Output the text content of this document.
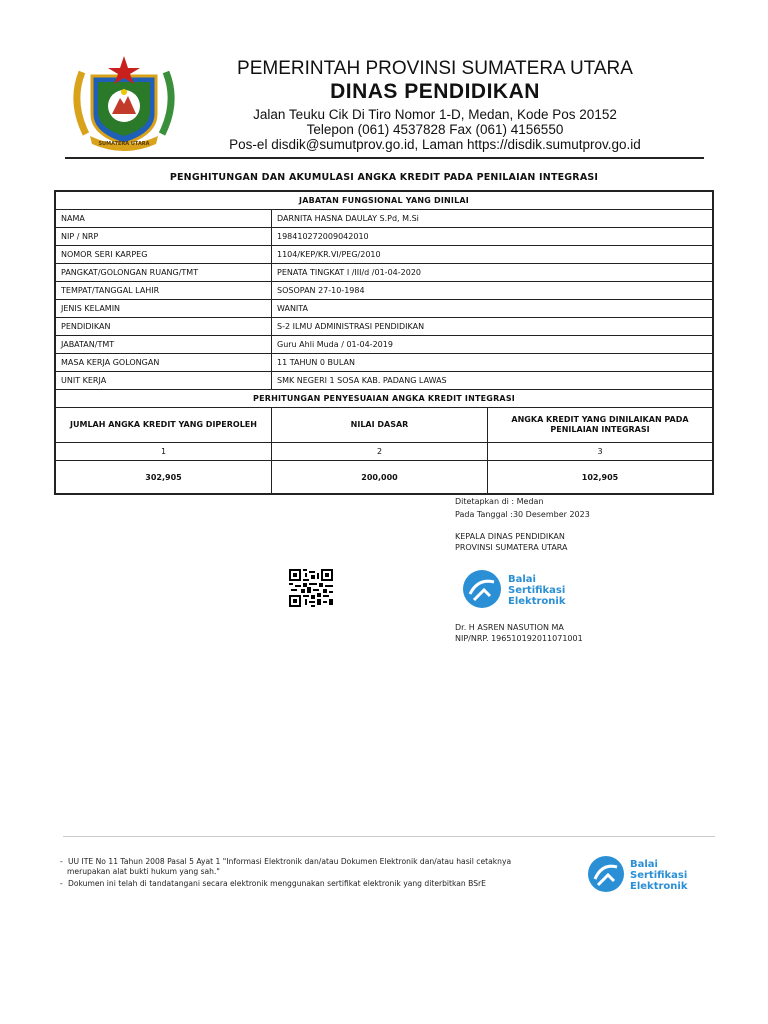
SUMATERA UTARA
PEMERINTAH PROVINSI SUMATERA UTARA
DINAS PENDIDIKAN
Jalan Teuku Cik Di Tiro Nomor 1-D, Medan, Kode Pos 20152
Telepon (061) 4537828 Fax (061) 4156550
Pos-el disdik@sumutprov.go.id, Laman https://disdik.sumutprov.go.id
PENGHITUNGAN DAN AKUMULASI ANGKA KREDIT PADA PENILAIAN INTEGRASI
JABATAN FUNGSIONAL YANG DINILAI		
NAMA	DARNITA HASNA DAULAY S.Pd, M.Si	
NIP / NRP	198410272009042010	
NOMOR SERI KARPEG	1104/KEP/KR.VI/PEG/2010	
PANGKAT/GOLONGAN RUANG/TMT	PENATA TINGKAT I /III/d /01-04-2020	
TEMPAT/TANGGAL LAHIR	SOSOPAN 27-10-1984	
JENIS KELAMIN	WANITA	
PENDIDIKAN	S-2 ILMU ADMINISTRASI PENDIDIKAN	
JABATAN/TMT	Guru Ahli Muda / 01-04-2019	
MASA KERJA GOLONGAN	11 TAHUN 0 BULAN	
UNIT KERJA	SMK NEGERI 1 SOSA KAB. PADANG LAWAS	
PERHITUNGAN PENYESUAIAN ANGKA KREDIT INTEGRASI		
JUMLAH ANGKA KREDIT YANG DIPEROLEH	NILAI DASAR	ANGKA KREDIT YANG DINILAIKAN PADA PENILAIAN INTEGRASI
1	2	3
302,905	200,000	102,905
Ditetapkan di : Medan
Pada Tanggal :30 Desember 2023
KEPALA DINAS PENDIDIKAN
PROVINSI SUMATERA UTARA
Dr. H ASREN NASUTION MA
NIP/NRP. 196510192011071001
Balai
Sertifikasi
Elektronik
- UU ITE No 11 Tahun 2008 Pasal 5 Ayat 1 "Informasi Elektronik dan/atau Dokumen Elektronik dan/atau hasil cetaknya
merupakan alat bukti hukum yang sah."
- Dokumen ini telah di tandatangani secara elektronik menggunakan sertifikat elektronik yang diterbitkan BSrE
Balai
Sertifikasi
Elektronik
